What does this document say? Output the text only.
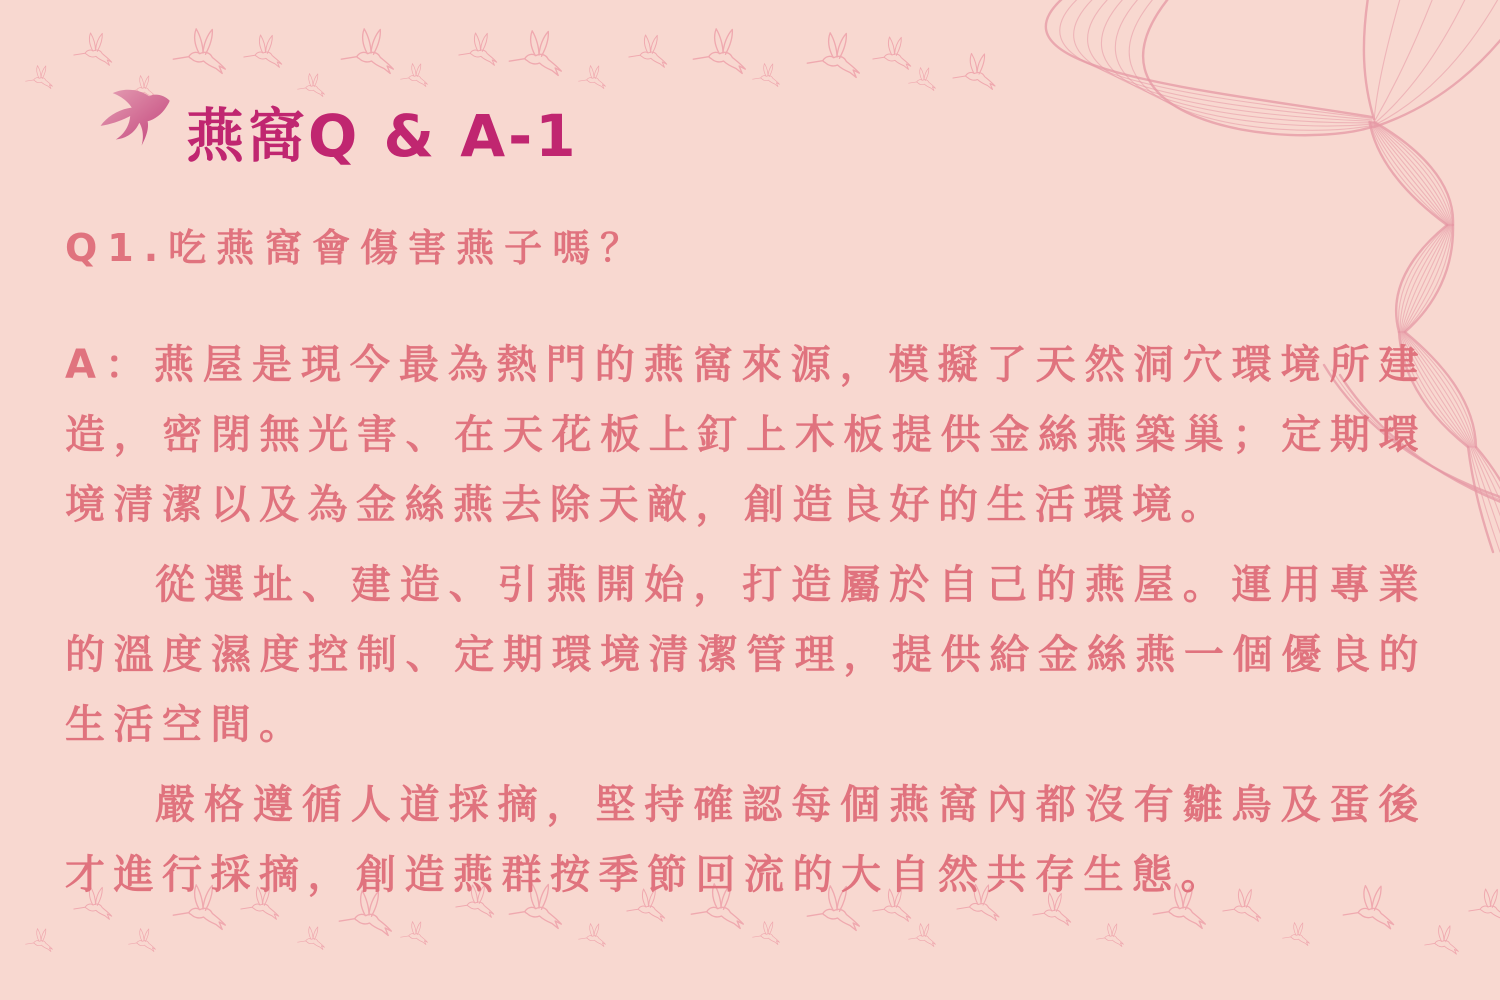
燕窩Q & A-1
Q1.吃燕窩會傷害燕子嗎？

A：燕屋是現今最為熱門的燕窩來源，模擬了天然洞穴環境所建造，密閉無光害、在天花板上釘上木板提供金絲燕築巢；定期環境清潔以及為金絲燕去除天敵，創造良好的生活環境。

從選址、建造、引燕開始，打造屬於自己的燕屋。運用專業的溫度濕度控制、定期環境清潔管理，提供給金絲燕一個優良的生活空間。

嚴格遵循人道採摘，堅持確認每個燕窩內都沒有雛鳥及蛋後才進行採摘，創造燕群按季節回流的大自然共存生態。
